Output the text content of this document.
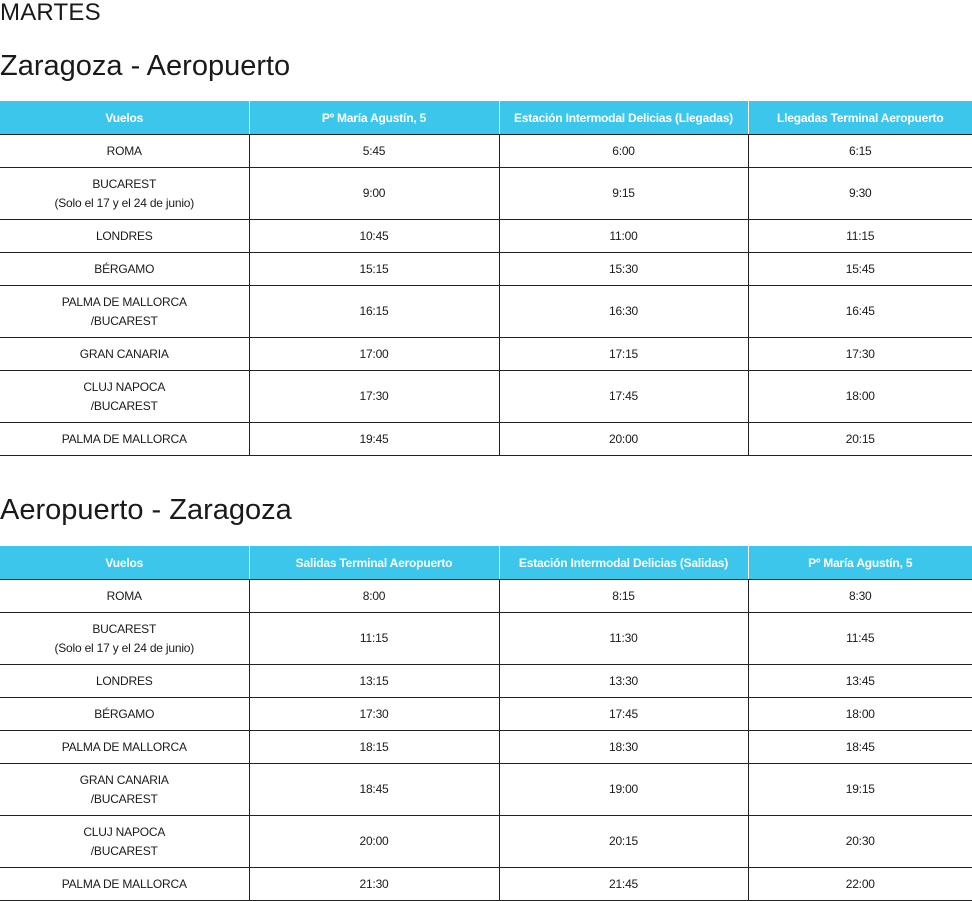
MARTES
Zaragoza - Aeropuerto
Vuelos	Pº María Agustín, 5	Estación Intermodal Delicias (Llegadas)	Llegadas Terminal Aeropuerto

ROMA	5:45	6:00	6:15

BUCAREST
(Solo el 17 y el 24 de junio)	9:00	9:15	9:30

LONDRES	10:45	11:00	11:15

BÉRGAMO	15:15	15:30	15:45

PALMA DE MALLORCA
/BUCAREST	16:15	16:30	16:45

GRAN CANARIA	17:00	17:15	17:30

CLUJ NAPOCA
/BUCAREST	17:30	17:45	18:00

PALMA DE MALLORCA	19:45	20:00	20:15
Aeropuerto - Zaragoza
Vuelos	Salidas Terminal Aeropuerto	Estación Intermodal Delicias (Salidas)	Pº María Agustín, 5

ROMA	8:00	8:15	8:30

BUCAREST
(Solo el 17 y el 24 de junio)	11:15	11:30	11:45

LONDRES	13:15	13:30	13:45

BÉRGAMO	17:30	17:45	18:00

PALMA DE MALLORCA	18:15	18:30	18:45

GRAN CANARIA
/BUCAREST	18:45	19:00	19:15

CLUJ NAPOCA
/BUCAREST	20:00	20:15	20:30

PALMA DE MALLORCA	21:30	21:45	22:00
